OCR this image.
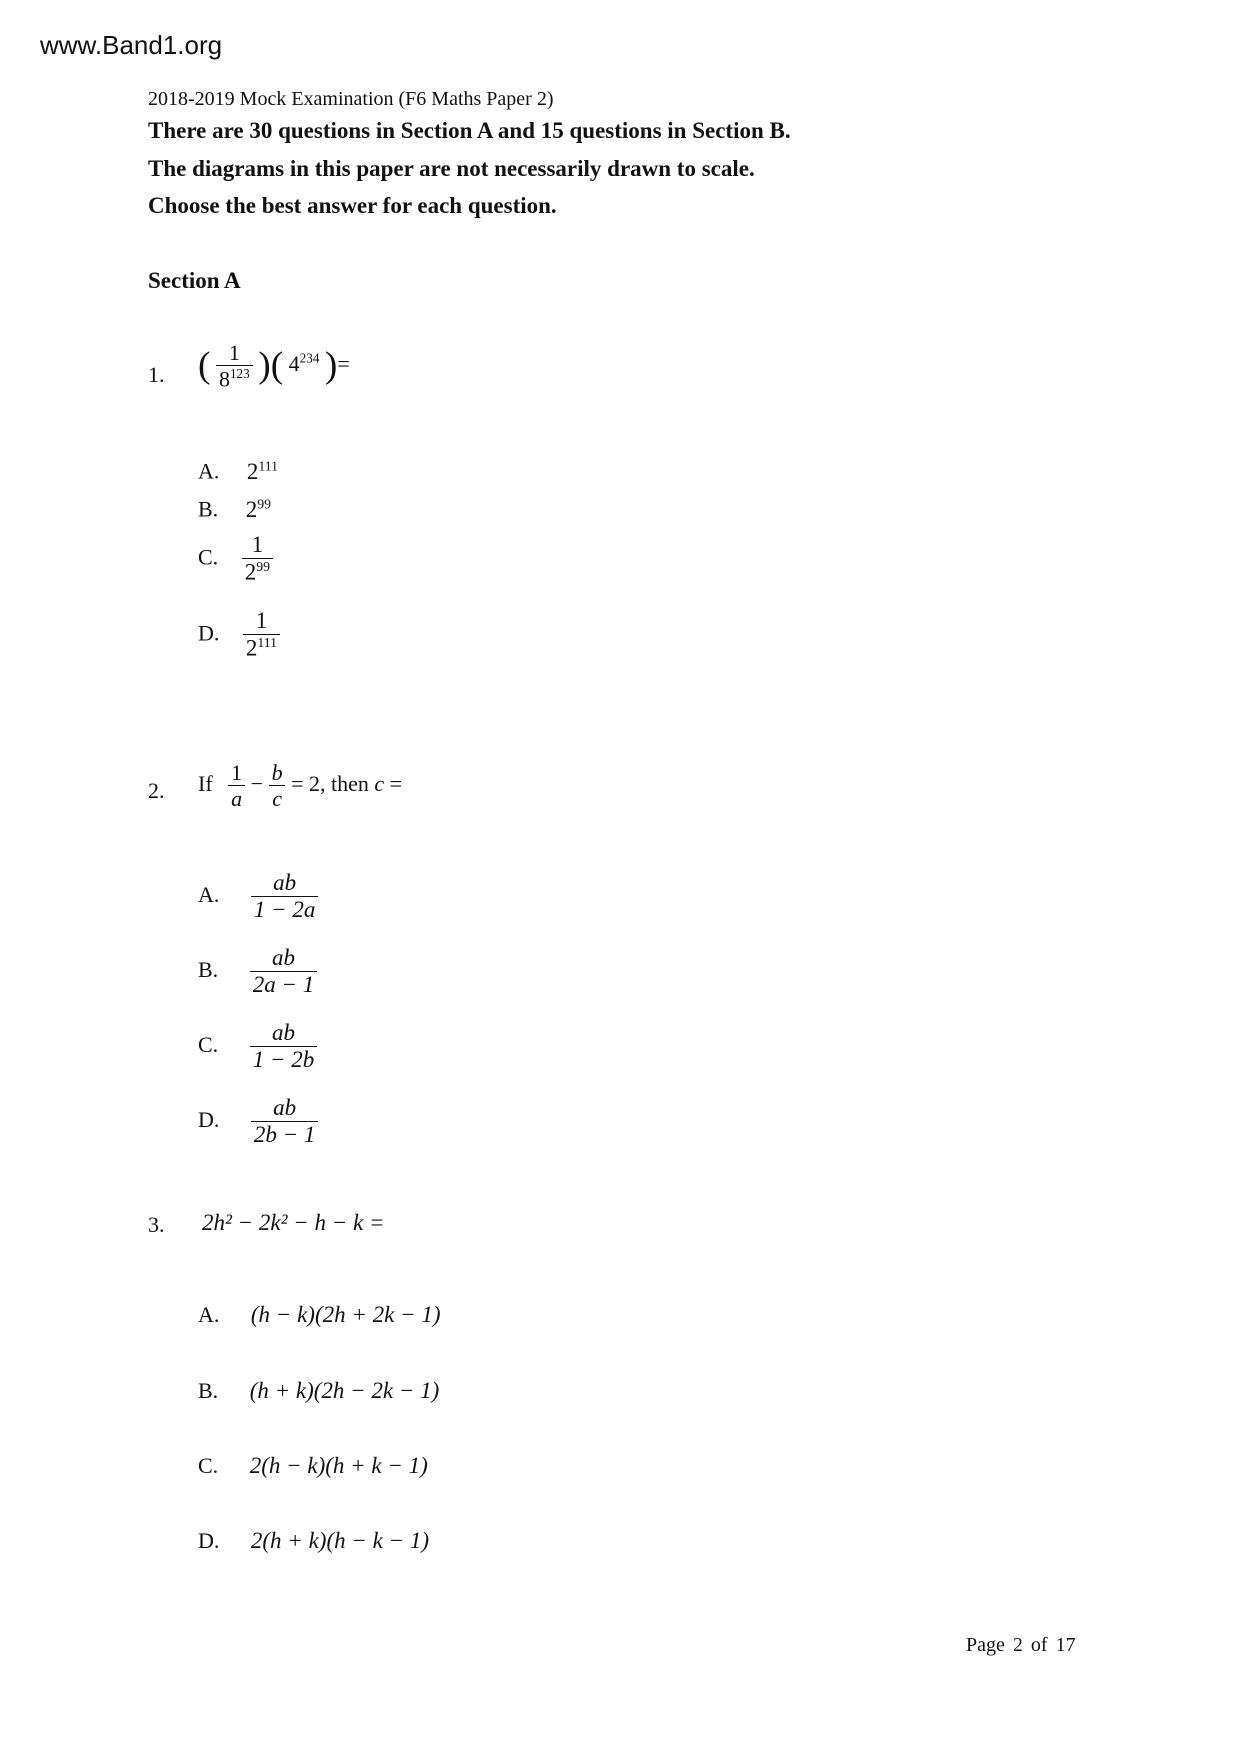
www.Band1.org
2018-2019 Mock Examination (F6 Maths Paper 2)
There are 30 questions in Section A and 15 questions in Section B.
The diagrams in this paper are not necessarily drawn to scale.
Choose the best answer for each question.
Section A
1. ( $\frac{1}{8^{123}}$ )( $4^{234}$ )=
A. $2^{111}$
B. $2^{99}$
C. $\frac{1}{2^{99}}$
D. $\frac{1}{2^{111}}$
2. If $\frac{1}{a} - \frac{b}{c} = 2$, then c =
A. $\frac{ab}{1 - 2a}$
B. $\frac{ab}{2a - 1}$
C. $\frac{ab}{1 - 2b}$
D. $\frac{ab}{2b - 1}$
3. 2h² − 2k² − h − k =
A. (h − k)(2h + 2k − 1)
B. (h + k)(2h − 2k − 1)
C. 2(h − k)(h + k − 1)
D. 2(h + k)(h − k − 1)
Page 2 of 17
